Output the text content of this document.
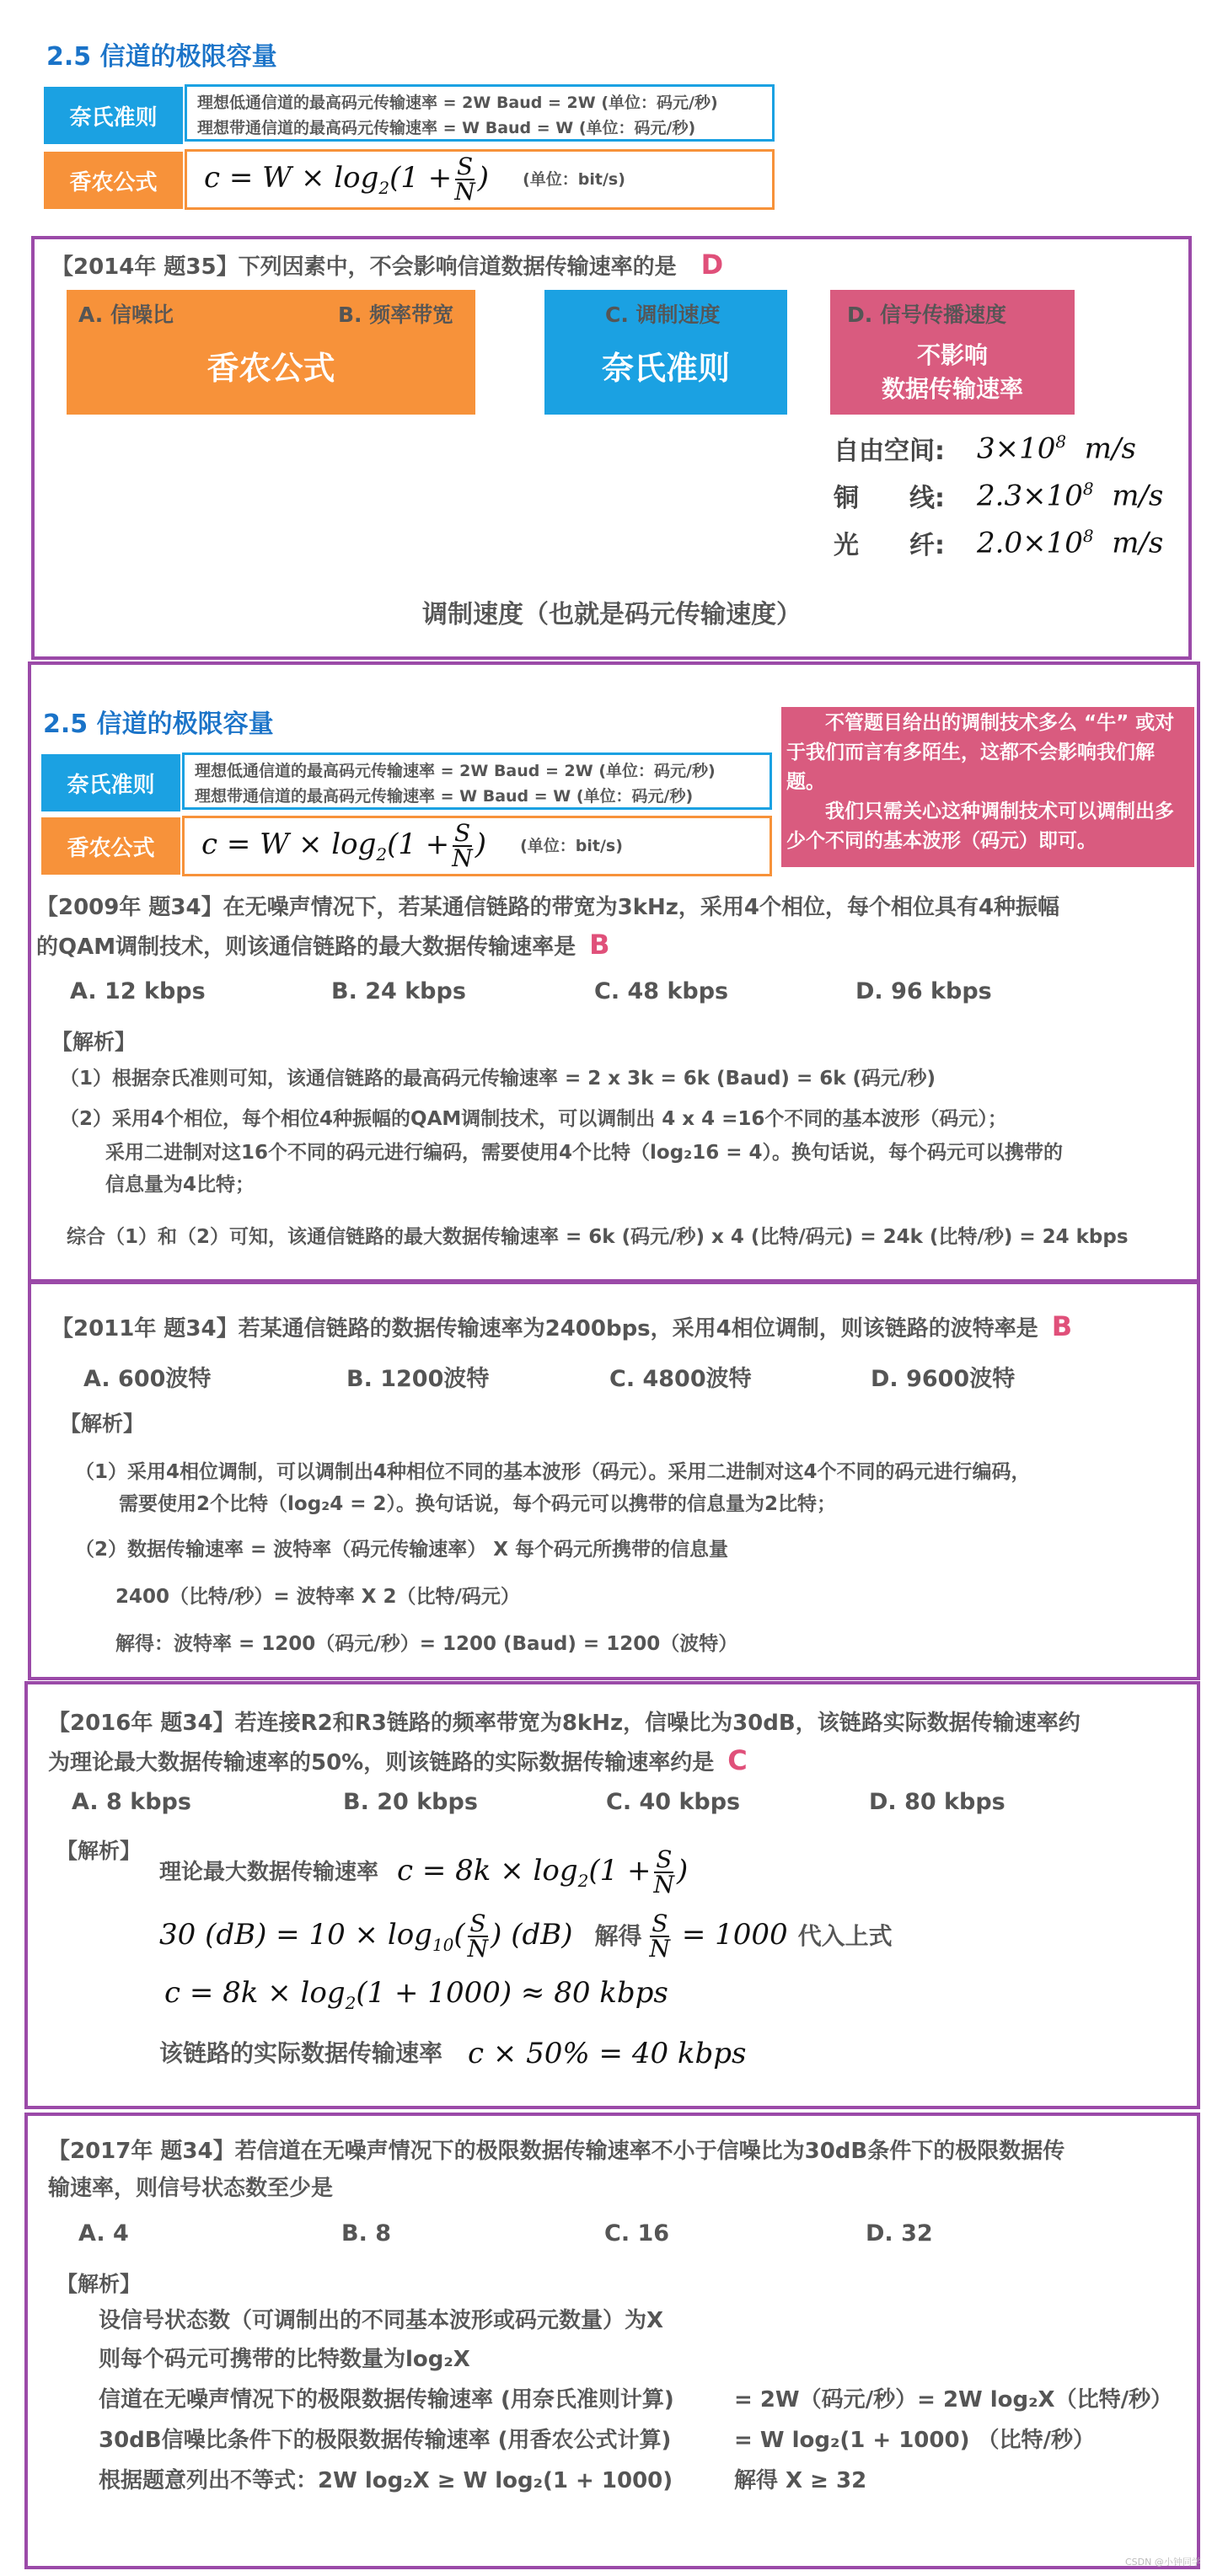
2.5 信道的极限容量
奈氏准则
理想低通信道的最高码元传输速率 = 2W Baud = 2W (单位：码元/秒)
理想带通信道的最高码元传输速率 = W Baud = W (单位：码元/秒)
香农公式 $c = W \times \log_2(1 + \frac{S}{N}$ ) (单位：bit/s)
【2014年 题35】下列因素中，不会影响信道数据传输速率的是 D
A. 信噪比	B. 频率带宽
香农公式
C. 调制速度
奈氏准则
D. 信号传播速度
不影响
数据传输速率
自由空间:	$3\times 10^8$ m/s
铜　　线:	$2.3\times 10^8$ m/s
光　　纤:	$2.0\times 10^8$ m/s
调制速度（也就是码元传输速度）
2.5 信道的极限容量
奈氏准则
理想低通信道的最高码元传输速率 = 2W Baud = 2W (单位：码元/秒)
理想带通信道的最高码元传输速率 = W Baud = W (单位：码元/秒)
香农公式 $c = W \times \log_2(1 + \frac{S}{N}$ ) (单位：bit/s)
不管题目给出的调制技术多么 “牛” 或对于我们而言有多陌生，这都不会影响我们解题。
我们只需关心这种调制技术可以调制出多少个不同的基本波形（码元）即可。
【2009年 题34】在无噪声情况下，若某通信链路的带宽为3kHz，采用4个相位，每个相位具有4种振幅
的QAM调制技术，则该通信链路的最大数据传输速率是 B
A. 12 kbps	B. 24 kbps	C. 48 kbps	D. 96 kbps
【解析】
（1）根据奈氏准则可知，该通信链路的最高码元传输速率 = 2 x 3k = 6k (Baud) = 6k (码元/秒)
（2）采用4个相位，每个相位4种振幅的QAM调制技术，可以调制出 4 x 4 =16个不同的基本波形（码元）；
采用二进制对这16个不同的码元进行编码，需要使用4个比特（log₂16 = 4）。换句话说，每个码元可以携带的
信息量为4比特；
综合（1）和（2）可知，该通信链路的最大数据传输速率 = 6k (码元/秒) x 4 (比特/码元) = 24k (比特/秒) = 24 kbps
【2011年 题34】若某通信链路的数据传输速率为2400bps，采用4相位调制，则该链路的波特率是 B
A. 600波特	B. 1200波特	C. 4800波特	D. 9600波特
【解析】
（1）采用4相位调制，可以调制出4种相位不同的基本波形（码元）。采用二进制对这4个不同的码元进行编码，
需要使用2个比特（log₂4 = 2）。换句话说，每个码元可以携带的信息量为2比特；
（2）数据传输速率 = 波特率（码元传输速率） X 每个码元所携带的信息量
2400（比特/秒）= 波特率 X 2（比特/码元）
解得：波特率 = 1200（码元/秒）= 1200 (Baud) = 1200（波特）
【2016年 题34】若连接R2和R3链路的频率带宽为8kHz，信噪比为30dB，该链路实际数据传输速率约
为理论最大数据传输速率的50%，则该链路的实际数据传输速率约是 C
A. 8 kbps	B. 20 kbps	C. 40 kbps	D. 80 kbps
【解析】
理论最大数据传输速率 $c = 8k \times \log_2(1 + \frac{S}{N}$ )
30 $(dB) = 10 \times \log_{10}( \frac{S}{N}$ ) (dB) 解得 $\frac{S}{N} = 1000$ 代入上式
$c = 8k \times \log_2(1 + 1000) \approx 80$ kbps
该链路的实际数据传输速率 c × 50% = 40 kbps
【2017年 题34】若信道在无噪声情况下的极限数据传输速率不小于信噪比为30dB条件下的极限数据传
输速率，则信号状态数至少是
A. 4	B. 8	C. 16	D. 32
【解析】
设信号状态数（可调制出的不同基本波形或码元数量）为X
则每个码元可携带的比特数量为log₂X
信道在无噪声情况下的极限数据传输速率 (用奈氏准则计算)	= 2W（码元/秒）= 2W log₂X（比特/秒）
30dB信噪比条件下的极限数据传输速率 (用香农公式计算)	= W log₂(1 + 1000) （比特/秒）
根据题意列出不等式：2W log₂X ≥ W log₂(1 + 1000)	解得 X ≥ 32
CSDN @小钟同学
